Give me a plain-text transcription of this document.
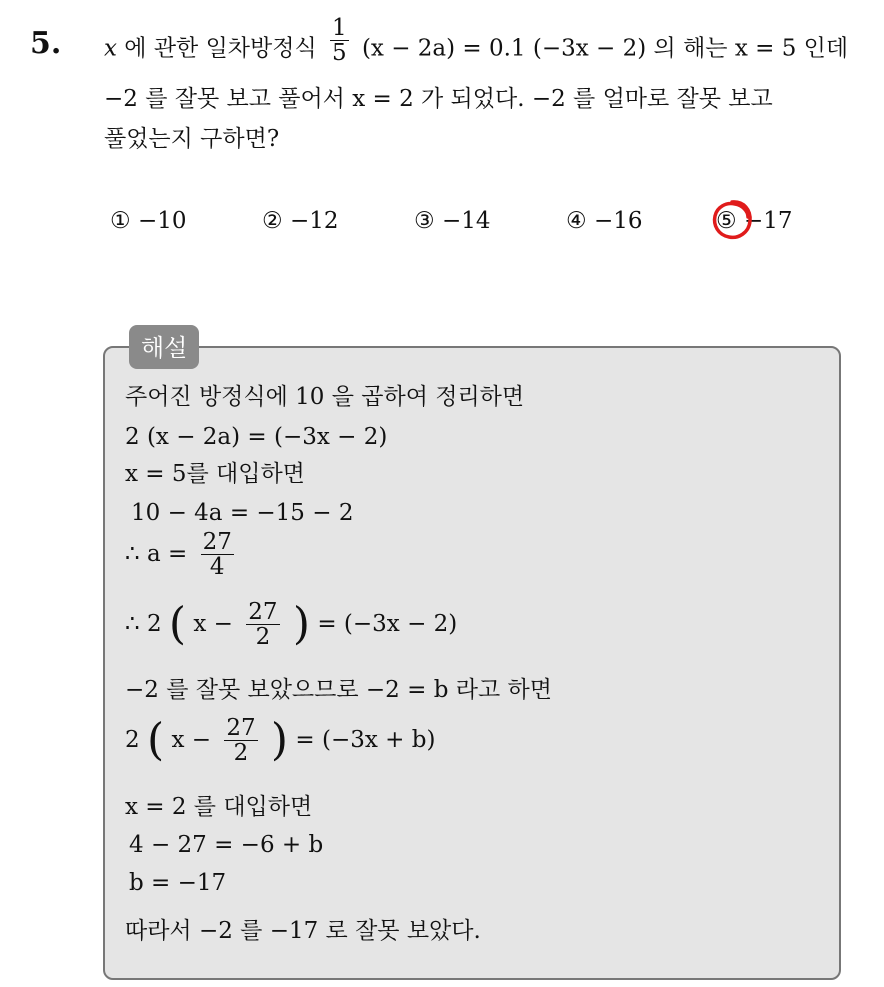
5. x 에 관한 일차방정식 $\frac{1}{5} (x - 2a) = 0.1$ (−3x − 2) 의 해는 x = 5 인데
−2 를 잘못 보고 풀어서 x = 2 가 되었다. −2 를 얼마로 잘못 보고
풀었는지 구하면?
① −10	② −12	③ −14	④ −16	⑤ −17
해설
주어진 방정식에 10 을 곱하여 정리하면
2 (x − 2a) = (−3x − 2)
x = 5를 대입하면
10 − 4a = −15 − 2
∴ $a = \frac{27}{4}$
∴ 2 ( $x - \frac{27}{2}$ ) = (−3x − 2)
−2 를 잘못 보았으므로 −2 = b 라고 하면
2 ( $x - \frac{27}{2}$ ) = (−3x + b)
x = 2 를 대입하면
4 − 27 = −6 + b
b = −17
따라서 −2 를 −17 로 잘못 보았다.
